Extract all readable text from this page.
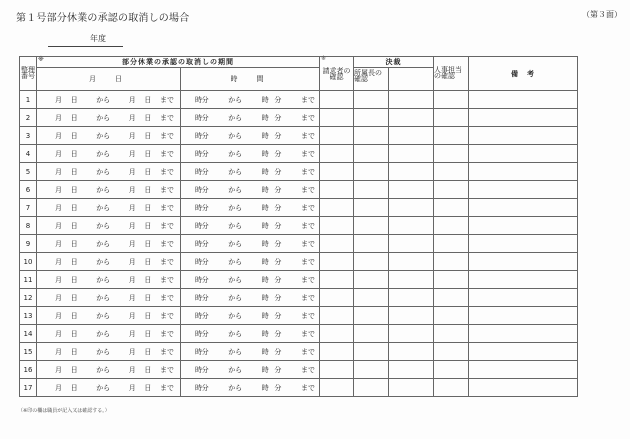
第１号部分休業の承認の取消しの場合	（第３面）
年度
整理番号	※ 部分休業の承認の取消しの期間		※
請求者の確認	決裁		人事担当の確認	備　考
	月　日	時　間		所属長の確認			
1	月 日	から	月 日 まで	時 分	から	時 分	まで

2	月 日	から	月 日 まで	時 分	から	時 分	まで

3	月 日	から	月 日 まで	時 分	から	時 分	まで

4	月 日	から	月 日 まで	時 分	から	時 分	まで

5	月 日	から	月 日 まで	時 分	から	時 分	まで

6	月 日	から	月 日 まで	時 分	から	時 分	まで

7	月 日	から	月 日 まで	時 分	から	時 分	まで

8	月 日	から	月 日 まで	時 分	から	時 分	まで

9	月 日	から	月 日 まで	時 分	から	時 分	まで

10	月 日	から	月 日 まで	時 分	から	時 分	まで

11	月 日	から	月 日 まで	時 分	から	時 分	まで

12	月 日	から	月 日 まで	時 分	から	時 分	まで

13	月 日	から	月 日 まで	時 分	から	時 分	まで

14	月 日	から	月 日 まで	時 分	から	時 分	まで

15	月 日	から	月 日 まで	時 分	から	時 分	まで

16	月 日	から	月 日 まで	時 分	から	時 分	まで

17	月 日	から	月 日 まで	時 分	から	時 分	まで

（※印の欄は職員が記入又は確認する。）
